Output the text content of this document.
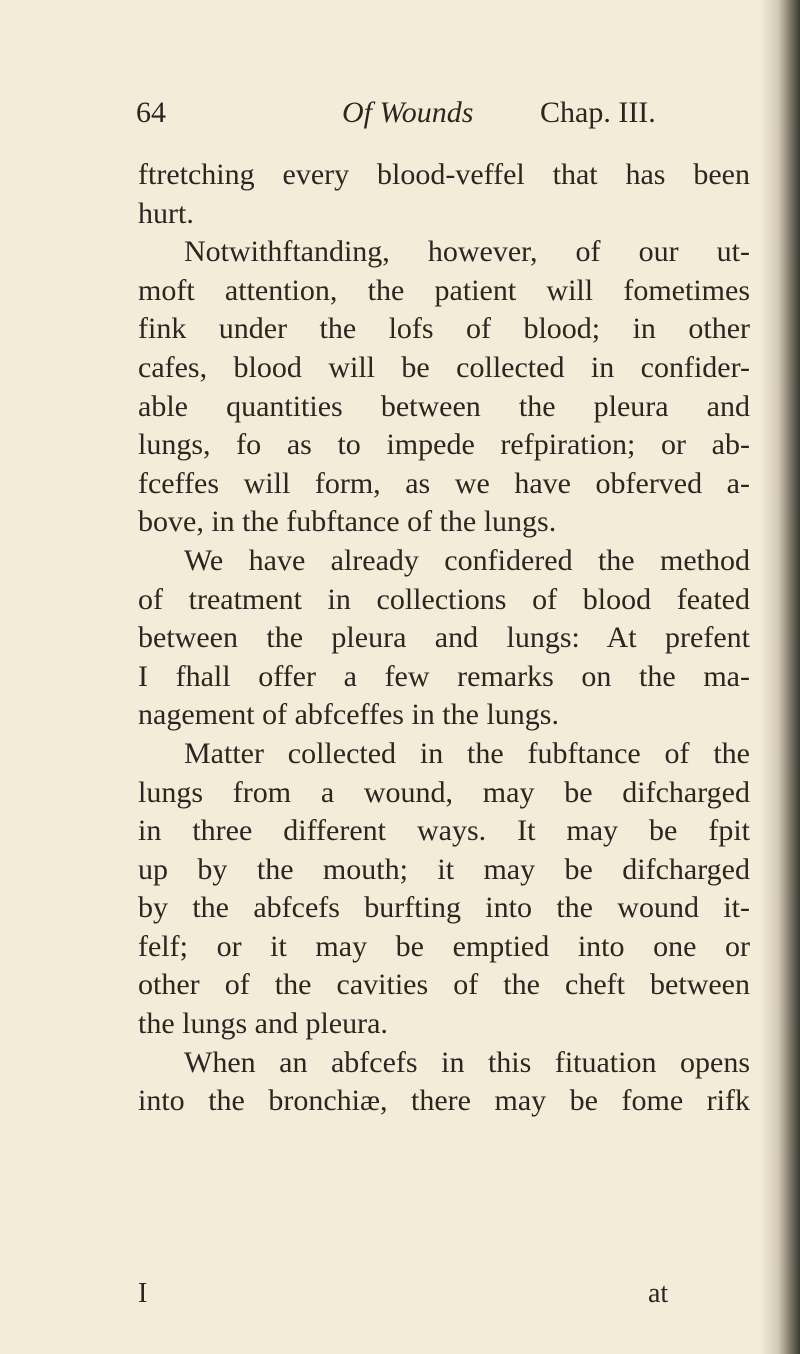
64	Of Wounds Chap. III.
ftretching every blood-veffel that has been
hurt.
Notwithftanding, however, of our ut-
moft attention, the patient will fometimes
fink under the lofs of blood; in other
cafes, blood will be collected in confider-
able quantities between the pleura and
lungs, fo as to impede refpiration; or ab-
fceffes will form, as we have obferved a-
bove, in the fubftance of the lungs.
We have already confidered the method
of treatment in collections of blood feated
between the pleura and lungs: At prefent
I fhall offer a few remarks on the ma-
nagement of abfceffes in the lungs.
Matter collected in the fubftance of the
lungs from a wound, may be difcharged
in three different ways. It may be fpit
up by the mouth; it may be difcharged
by the abfcefs burfting into the wound it-
felf; or it may be emptied into one or
other of the cavities of the cheft between
the lungs and pleura.
When an abfcefs in this fituation opens
into the bronchiæ, there may be fome rifk
I	at
